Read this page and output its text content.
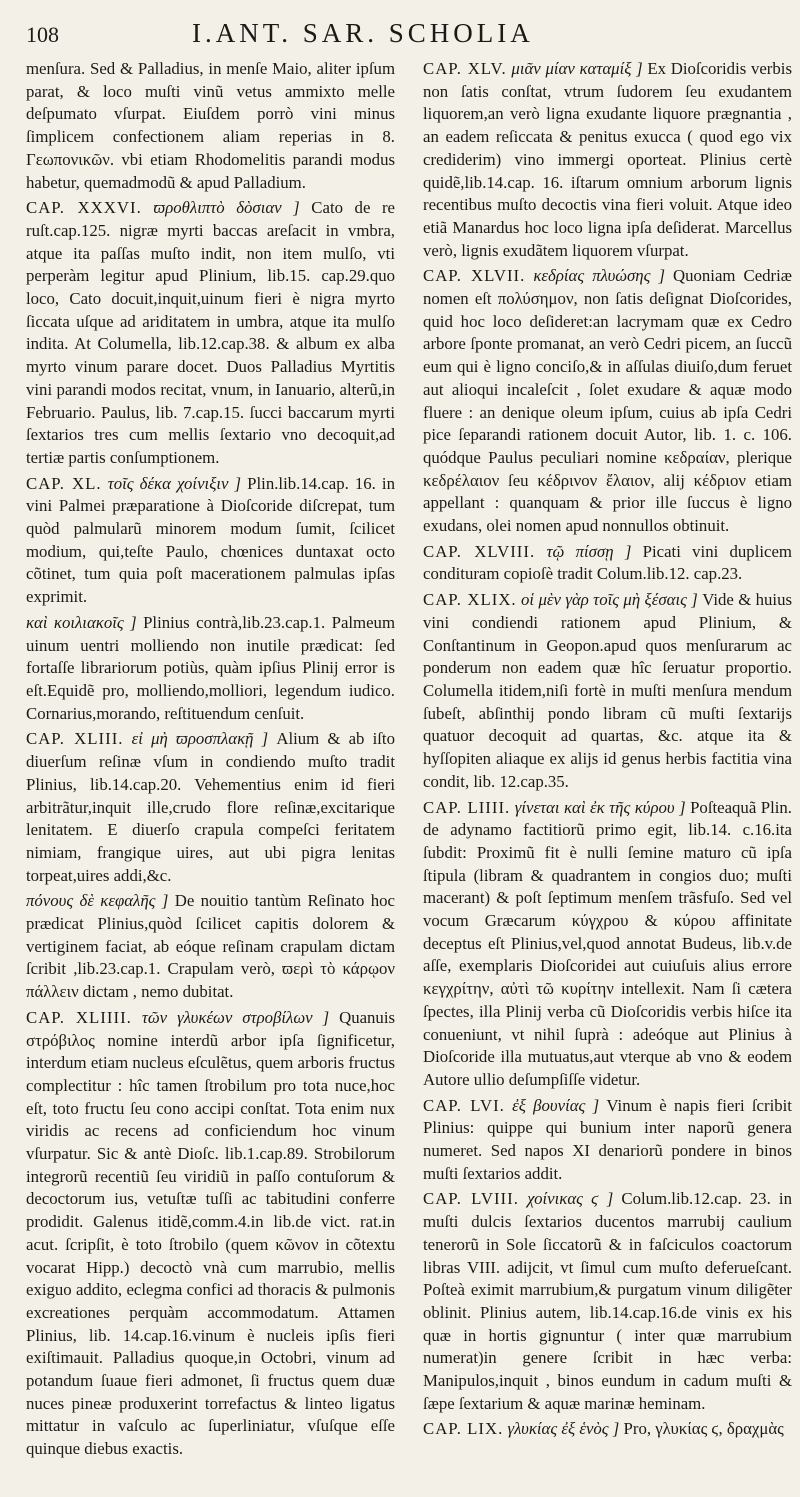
108	I.ANT. SAR. SCHOLIA

menſura. Sed & Palladius, in menſe Maio, aliter ipſum parat, & loco muſti vinũ vetus ammixto melle deſpumato vſurpat. Eiuſdem porrò vini minus ſimplicem confectionem aliam reperias in 8. Γεωπονικῶν. vbi etiam Rhodomelitis parandi modus habetur, quemadmodũ & apud Palladium.

CAP. XXXVI. ϖροθλιπτὸ δὸσιαν ] Cato de re ruſt.cap.125. nigræ myrti baccas areſacit in vmbra, atque ita paſſas muſto indit, non item mulſo, vti perperàm legitur apud Plinium, lib.15. cap.29.quo loco, Cato docuit,inquit,uinum fieri è nigra myrto ſiccata uſque ad ariditatem in umbra, atque ita mulſo indita. At Columella, lib.12.cap.38. & album ex alba myrto vinum parare docet. Duos Palladius Myrtitis vini parandi modos recitat, vnum, in Ianuario, alterũ,in Februario. Paulus, lib. 7.cap.15. ſucci baccarum myrti ſextarios tres cum mellis ſextario vno decoquit,ad tertiæ partis conſumptionem.

CAP. XL. τοῖς δέκα χοίνιξιν ] Plin.lib.14.cap. 16. in vini Palmei præparatione à Dioſcoride diſcrepat, tum quòd palmularũ minorem modum ſumit, ſcilicet modium, qui,teſte Paulo, chœnices duntaxat octo cõtinet, tum quia poſt macerationem palmulas ipſas exprimit.

καὶ κοιλιακοῖς ] Plinius contrà,lib.23.cap.1. Palmeum uinum uentri molliendo non inutile prædicat: ſed fortaſſe librariorum potiùs, quàm ipſius Plinij error is eſt.Equidẽ pro, molliendo,molliori, legendum iudico. Cornarius,morando, reſtituendum cenſuit.

CAP. XLIII. εἰ μὴ ϖροσπλακῇ ] Alium & ab iſto diuerſum reſinæ vſum in condiendo muſto tradit Plinius, lib.14.cap.20. Vehementius enim id fieri arbitrãtur,inquit ille,crudo flore reſinæ,excitarique lenitatem. E diuerſo crapula compeſci feritatem nimiam, frangique uires, aut ubi pigra lenitas torpeat,uires addi,&c.

πόνους δὲ κεφαλῆς ] De nouitio tantùm Reſinato hoc prædicat Plinius,quòd ſcilicet capitis dolorem & vertiginem faciat, ab eóque reſinam crapulam dictam ſcribit ,lib.23.cap.1. Crapulam verò, ϖερὶ τὸ κάρῳον πάλλειν dictam , nemo dubitat.

CAP. XLIIII. τῶν γλυκέων στροβίλων ] Quanuis στρόβιλος nomine interdũ arbor ipſa ſignificetur, interdum etiam nucleus eſculẽtus, quem arboris fructus complectitur : hîc tamen ſtrobilum pro tota nuce,hoc eſt, toto fructu ſeu cono accipi conſtat. Tota enim nux viridis ac recens ad conficiendum hoc vinum vſurpatur. Sic & antè Dioſc. lib.1.cap.89. Strobilorum integrorũ recentiũ ſeu viridiũ in paſſo contuſorum & decoctorum ius, vetuſtæ tuſſi ac tabitudini conferre prodidit. Galenus itidẽ,comm.4.in lib.de vict. rat.in acut. ſcripſit, è toto ſtrobilo (quem κῶνον in cõtextu vocarat Hipp.) decoctò vnà cum marrubio, mellis exiguo addito, eclegma confici ad thoracis & pulmonis excreationes perquàm accommodatum. Attamen Plinius, lib. 14.cap.16.vinum è nucleis ipſis fieri exiſtimauit. Palladius quoque,in Octobri, vinum ad potandum ſuaue fieri admonet, ſi fructus quem duæ nuces pineæ produxerint torrefactus & linteo ligatus mittatur in vaſculo ac ſuperliniatur, vſuſque eſſe quinque diebus exactis.

CAP. XLV. μιᾶν μίαν καταμίξ ] Ex Dioſcoridis verbis non ſatis conſtat, vtrum ſudorem ſeu exudantem liquorem,an verò ligna exudante liquore prægnantia , an eadem reſiccata & penitus exucca ( quod ego vix crediderim) vino immergi oporteat. Plinius certè quidẽ,lib.14.cap. 16. iſtarum omnium arborum lignis recentibus muſto decoctis vina fieri voluit. Atque ideo etiã Manardus hoc loco ligna ipſa deſiderat. Marcellus verò, lignis exudãtem liquorem vſurpat.

CAP. XLVII. κεδρίας πλυώσης ] Quoniam Cedriæ nomen eſt πολύσημον, non ſatis deſignat Dioſcorides, quid hoc loco deſideret:an lacrymam quæ ex Cedro arbore ſponte promanat, an verò Cedri picem, an ſuccũ eum qui è ligno conciſo,& in aſſulas diuiſo,dum feruet aut alioqui incaleſcit , ſolet exudare & aquæ modo fluere : an denique oleum ipſum, cuius ab ipſa Cedri pice ſeparandi rationem docuit Autor, lib. 1. c. 106. quódque Paulus peculiari nomine κεδραίαν, plerique κεδρέλαιον ſeu κέδρινον ἔλαιον, alij κέδριον etiam appellant : quanquam & prior ille ſuccus è ligno exudans, olei nomen apud nonnullos obtinuit.

CAP. XLVIII. τῷ πίσσῃ ] Picati vini duplicem condituram copioſè tradit Colum.lib.12. cap.23.

CAP. XLIX. οἱ μὲν γὰρ τοῖς μὴ ξέσαις ] Vide & huius vini condiendi rationem apud Plinium, & Conſtantinum in Geopon.apud quos menſurarum ac ponderum non eadem quæ hîc ſeruatur proportio. Columella itidem,niſi fortè in muſti menſura mendum ſubeſt, abſinthij pondo libram cũ muſti ſextarijs quatuor decoquit ad quartas, &c. atque ita & hyſſopiten aliaque ex alijs id genus herbis factitia vina condit, lib. 12.cap.35.

CAP. LIIII. γίνεται καὶ ἐκ τῆς κύρου ] Poſteaquã Plin. de adynamo factitiorũ primo egit, lib.14. c.16.ita ſubdit: Proximũ fit è nulli ſemine maturo cũ ipſa ſtipula (libram & quadrantem in congios duo; muſti macerant) & poſt ſeptimum menſem trãsfuſo. Sed vel vocum Græcarum κύγχρου & κύρου affinitate deceptus eſt Plinius,vel,quod annotat Budeus, lib.v.de aſſe, exemplaris Dioſcoridei aut cuiuſuis alius errore κεγχρίτην, αὐτὶ τῶ κυρίτην intellexit. Nam ſi cætera ſpectes, illa Plinij verba cũ Dioſcoridis verbis hiſce ita conueniunt, vt nihil ſuprà : adeóque aut Plinius à Dioſcoride illa mutuatus,aut vterque ab vno & eodem Autore ullio deſumpſiſſe videtur.

CAP. LVI. ἐξ βουνίας ] Vinum è napis fieri ſcribit Plinius: quippe qui bunium inter naporũ genera numeret. Sed napos XI denariorũ pondere in binos muſti ſextarios addit.

CAP. LVIII. χοίνικας ϛ ] Colum.lib.12.cap. 23. in muſti dulcis ſextarios ducentos marrubij caulium tenerorũ in Sole ſiccatorũ & in faſciculos coactorum libras VIII. adijcit, vt ſimul cum muſto deferueſcant. Poſteà eximit marrubium,& purgatum vinum diligẽter oblinit. Plinius autem, lib.14.cap.16.de vinis ex his quæ in hortis gignuntur ( inter quæ marrubium numerat)in genere ſcribit in hæc verba: Manipulos,inquit , binos eundum in cadum muſti & ſæpe ſextarium & aquæ marinæ heminam.

CAP. LIX. γλυκίας ἐξ ἑνὸς ] Pro, γλυκίας ϛ, δραχμὰς
